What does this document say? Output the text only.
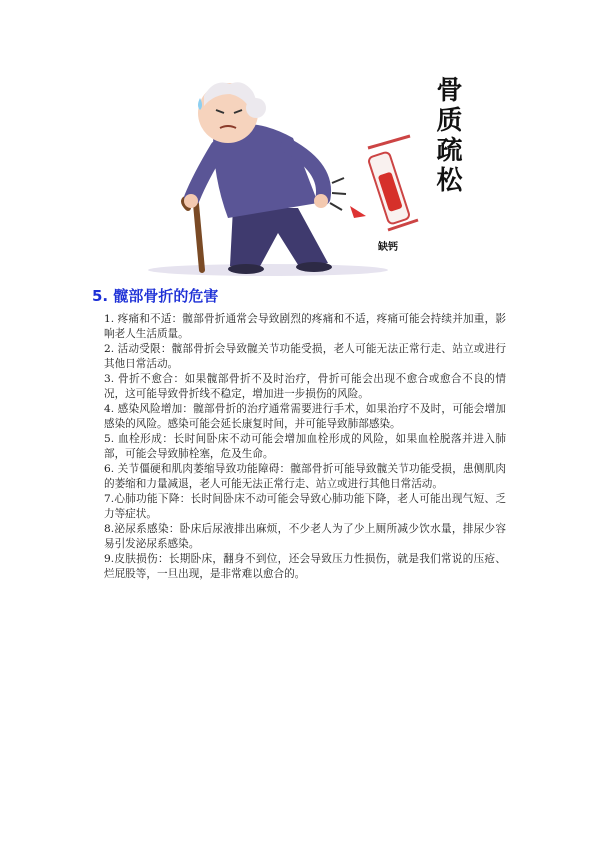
骨
质
疏
松
缺钙
5. 髋部骨折的危害

1. 疼痛和不适：髋部骨折通常会导致剧烈的疼痛和不适，疼痛可能会持续并加重，影响老人生活质量。

2. 活动受限：髋部骨折会导致髋关节功能受损，老人可能无法正常行走、站立或进行其他日常活动。

3. 骨折不愈合：如果髋部骨折不及时治疗，骨折可能会出现不愈合或愈合不良的情况，这可能导致骨折线不稳定，增加进一步损伤的风险。

4. 感染风险增加：髋部骨折的治疗通常需要进行手术，如果治疗不及时，可能会增加感染的风险。感染可能会延长康复时间，并可能导致肺部感染。

5. 血栓形成：长时间卧床不动可能会增加血栓形成的风险，如果血栓脱落并进入肺部，可能会导致肺栓塞，危及生命。

6. 关节僵硬和肌肉萎缩导致功能障碍：髋部骨折可能导致髋关节功能受损，患侧肌肉的萎缩和力量减退，老人可能无法正常行走、站立或进行其他日常活动。

7.心肺功能下降：长时间卧床不动可能会导致心肺功能下降，老人可能出现气短、乏力等症状。

8.泌尿系感染：卧床后尿液排出麻烦，不少老人为了少上厕所减少饮水量，排尿少容易引发泌尿系感染。

9.皮肤损伤：长期卧床，翻身不到位，还会导致压力性损伤，就是我们常说的压疮、烂屁股等，一旦出现，是非常难以愈合的。
